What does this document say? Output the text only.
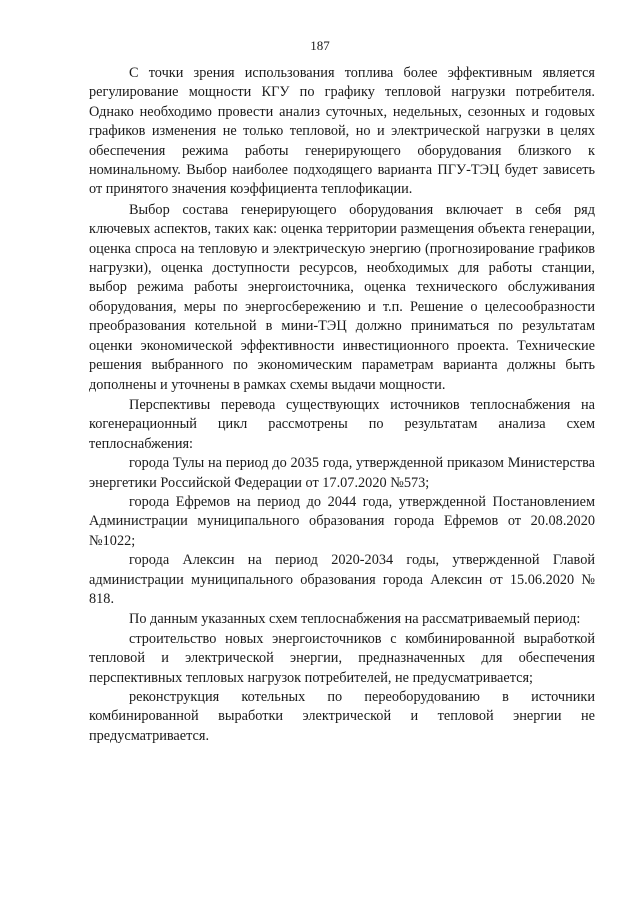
187

С точки зрения использования топлива более эффективным является регулирование мощности КГУ по графику тепловой нагрузки потребителя. Однако необходимо провести анализ суточных, недельных, сезонных и годовых графиков изменения не только тепловой, но и электрической нагрузки в целях обеспечения режима работы генерирующего оборудования близкого к номинальному. Выбор наиболее подходящего варианта ПГУ-ТЭЦ будет зависеть от принятого значения коэффициента теплофикации.

Выбор состава генерирующего оборудования включает в себя ряд ключевых аспектов, таких как: оценка территории размещения объекта генерации, оценка спроса на тепловую и электрическую энергию (прогнозирование графиков нагрузки), оценка доступности ресурсов, необходимых для работы станции, выбор режима работы энергоисточника, оценка технического обслуживания оборудования, меры по энергосбережению и т.п. Решение о целесообразности преобразования котельной в мини-ТЭЦ должно приниматься по результатам оценки экономической эффективности инвестиционного проекта. Технические решения выбранного по экономическим параметрам варианта должны быть дополнены и уточнены в рамках схемы выдачи мощности.

Перспективы перевода существующих источников теплоснабжения на когенерационный цикл рассмотрены по результатам анализа схем теплоснабжения:

города Тулы на период до 2035 года, утвержденной приказом Министерства энергетики Российской Федерации от 17.07.2020 №573;

города Ефремов на период до 2044 года, утвержденной Постановлением Администрации муниципального образования города Ефремов от 20.08.2020 №1022;

города Алексин на период 2020-2034 годы, утвержденной Главой администрации муниципального образования города Алексин от 15.06.2020 № 818.

По данным указанных схем теплоснабжения на рассматриваемый период:

строительство новых энергоисточников с комбинированной выработкой тепловой и электрической энергии, предназначенных для обеспечения перспективных тепловых нагрузок потребителей, не предусматривается;

реконструкция котельных по переоборудованию в источники комбинированной выработки электрической и тепловой энергии не предусматривается.
